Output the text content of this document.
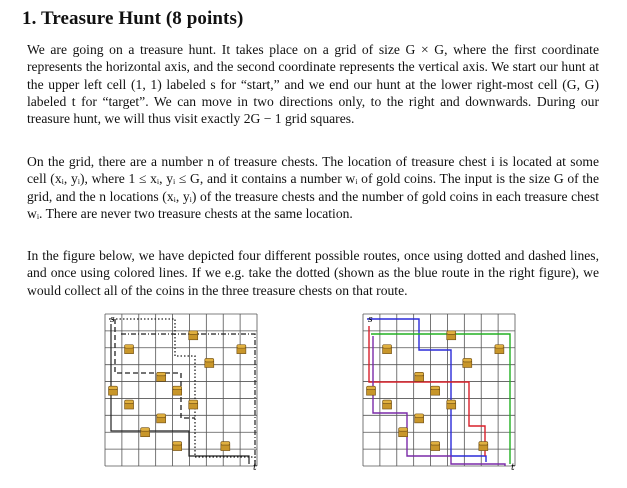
1. Treasure Hunt (8 points)

We are going on a treasure hunt. It takes place on a grid of size G × G, where the first coordinate represents the horizontal axis, and the second coordinate represents the vertical axis. We start our hunt at the upper left cell (1, 1) labeled s for “start,” and we end our hunt at the lower right-most cell (G, G) labeled t for “target”. We can move in two directions only, to the right and downwards. During our treasure hunt, we will thus visit exactly 2G − 1 grid squares.

On the grid, there are a number n of treasure chests. The location of treasure chest i is located at some cell (xᵢ, yᵢ), where 1 ≤ xᵢ, yᵢ ≤ G, and it contains a number wᵢ of gold coins. The input is the size G of the grid, and the n locations (xᵢ, yᵢ) of the treasure chests and the number of gold coins in each treasure chest wᵢ. There are never two treasure chests at the same location.

In the figure below, we have depicted four different possible routes, once using dotted and dashed lines, and once using colored lines. If we e.g. take the dotted (shown as the blue route in the right figure), we would collect all of the coins in the three treasure chests on that route.

s
t
s
t
